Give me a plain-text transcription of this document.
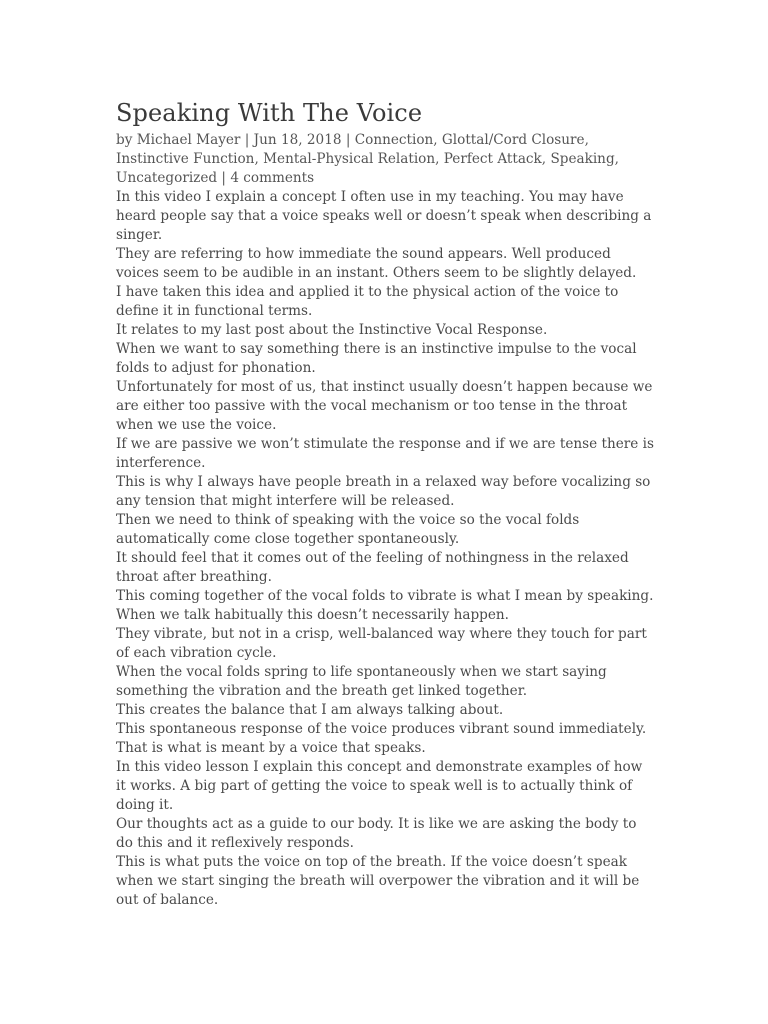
Speaking With The Voice

by Michael Mayer | Jun 18, 2018 | Connection, Glottal/Cord Closure, Instinctive Function, Mental-Physical Relation, Perfect Attack, Speaking, Uncategorized | 4 comments

In this video I explain a concept I often use in my teaching. You may have heard people say that a voice speaks well or doesn’t speak when describing a singer.

They are referring to how immediate the sound appears. Well produced voices seem to be audible in an instant. Others seem to be slightly delayed.

I have taken this idea and applied it to the physical action of the voice to define it in functional terms.

It relates to my last post about the Instinctive Vocal Response.

When we want to say something there is an instinctive impulse to the vocal folds to adjust for phonation.

Unfortunately for most of us, that instinct usually doesn’t happen because we are either too passive with the vocal mechanism or too tense in the throat when we use the voice.

If we are passive we won’t stimulate the response and if we are tense there is interference.

This is why I always have people breath in a relaxed way before vocalizing so any tension that might interfere will be released.

Then we need to think of speaking with the voice so the vocal folds automatically come close together spontaneously.

It should feel that it comes out of the feeling of nothingness in the relaxed throat after breathing.

This coming together of the vocal folds to vibrate is what I mean by speaking. When we talk habitually this doesn’t necessarily happen.

They vibrate, but not in a crisp, well-balanced way where they touch for part of each vibration cycle.

When the vocal folds spring to life spontaneously when we start saying something the vibration and the breath get linked together.

This creates the balance that I am always talking about.

This spontaneous response of the voice produces vibrant sound immediately. That is what is meant by a voice that speaks.

In this video lesson I explain this concept and demonstrate examples of how it works. A big part of getting the voice to speak well is to actually think of doing it.

Our thoughts act as a guide to our body. It is like we are asking the body to do this and it reflexively responds.

This is what puts the voice on top of the breath. If the voice doesn’t speak when we start singing the breath will overpower the vibration and it will be out of balance.
